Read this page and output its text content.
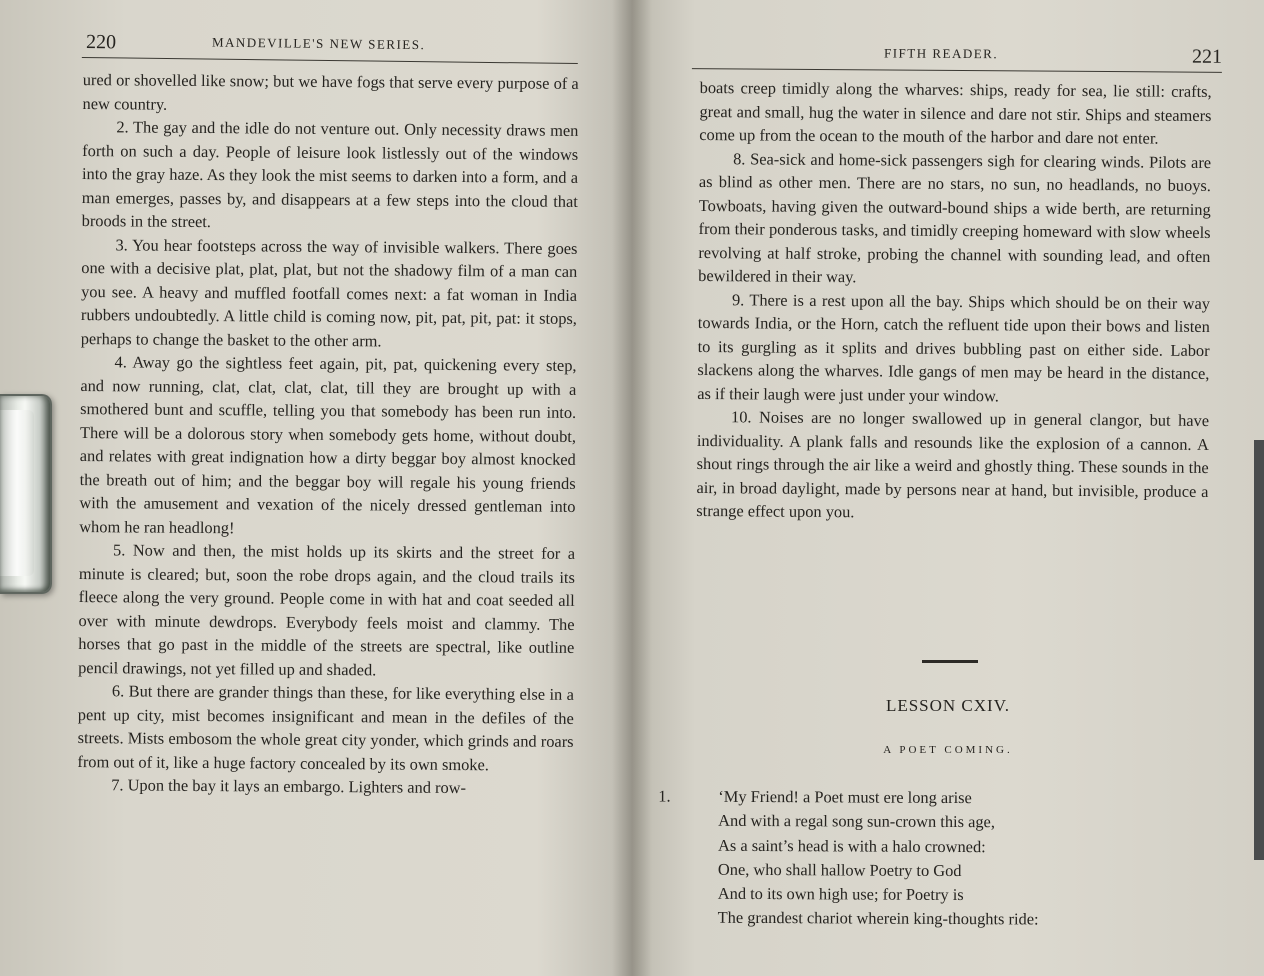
220	MANDEVILLE'S NEW SERIES.

ured or shovelled like snow; but we have fogs that serve every purpose of a new country.

2. The gay and the idle do not venture out. Only necessity draws men forth on such a day. People of leisure look listlessly out of the windows into the gray haze. As they look the mist seems to darken into a form, and a man emerges, passes by, and disappears at a few steps into the cloud that broods in the street.

3. You hear footsteps across the way of invisible walkers. There goes one with a decisive plat, plat, plat, but not the shadowy film of a man can you see. A heavy and muffled footfall comes next: a fat woman in India rubbers undoubtedly. A little child is coming now, pit, pat, pit, pat: it stops, perhaps to change the basket to the other arm.

4. Away go the sightless feet again, pit, pat, quickening every step, and now running, clat, clat, clat, clat, till they are brought up with a smothered bunt and scuffle, telling you that somebody has been run into. There will be a dolorous story when somebody gets home, without doubt, and relates with great indignation how a dirty beggar boy almost knocked the breath out of him; and the beggar boy will regale his young friends with the amusement and vexation of the nicely dressed gentleman into whom he ran headlong!

5. Now and then, the mist holds up its skirts and the street for a minute is cleared; but, soon the robe drops again, and the cloud trails its fleece along the very ground. People come in with hat and coat seeded all over with minute dewdrops. Everybody feels moist and clammy. The horses that go past in the middle of the streets are spectral, like outline pencil drawings, not yet filled up and shaded.

6. But there are grander things than these, for like everything else in a pent up city, mist becomes insignificant and mean in the defiles of the streets. Mists embosom the whole great city yonder, which grinds and roars from out of it, like a huge factory concealed by its own smoke.

7. Upon the bay it lays an embargo. Lighters and row-

FIFTH READER.	221

boats creep timidly along the wharves: ships, ready for sea, lie still: crafts, great and small, hug the water in silence and dare not stir. Ships and steamers come up from the ocean to the mouth of the harbor and dare not enter.

8. Sea-sick and home-sick passengers sigh for clearing winds. Pilots are as blind as other men. There are no stars, no sun, no headlands, no buoys. Towboats, having given the outward-bound ships a wide berth, are returning from their ponderous tasks, and timidly creeping homeward with slow wheels revolving at half stroke, probing the channel with sounding lead, and often bewildered in their way.

9. There is a rest upon all the bay. Ships which should be on their way towards India, or the Horn, catch the refluent tide upon their bows and listen to its gurgling as it splits and drives bubbling past on either side. Labor slackens along the wharves. Idle gangs of men may be heard in the distance, as if their laugh were just under your window.

10. Noises are no longer swallowed up in general clangor, but have individuality. A plank falls and resounds like the explosion of a cannon. A shout rings through the air like a weird and ghostly thing. These sounds in the air, in broad daylight, made by persons near at hand, but invisible, produce a strange effect upon you.

LESSON CXIV.
A POET COMING.
1.	‘My Friend! a Poet must ere long arise
And with a regal song sun-crown this age,
As a saint’s head is with a halo crowned:
One, who shall hallow Poetry to God
And to its own high use; for Poetry is
The grandest chariot wherein king-thoughts ride:
